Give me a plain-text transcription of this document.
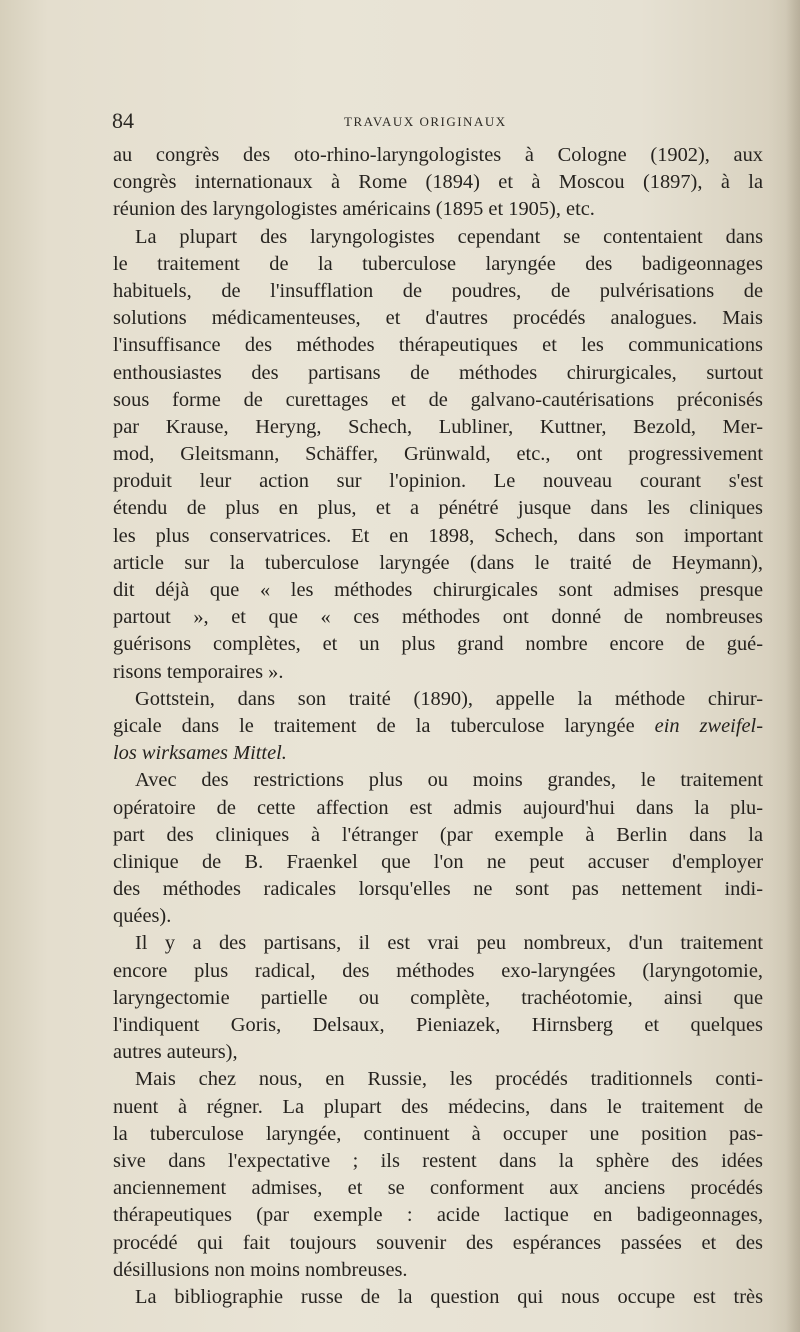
84	TRAVAUX ORIGINAUX
au congrès des oto-rhino-laryngologistes à Cologne (1902), aux
congrès internationaux à Rome (1894) et à Moscou (1897), à la
réunion des laryngologistes américains (1895 et 1905), etc.
La plupart des laryngologistes cependant se contentaient dans
le traitement de la tuberculose laryngée des badigeonnages
habituels, de l'insufflation de poudres, de pulvérisations de
solutions médicamenteuses, et d'autres procédés analogues. Mais
l'insuffisance des méthodes thérapeutiques et les communications
enthousiastes des partisans de méthodes chirurgicales, surtout
sous forme de curettages et de galvano-cautérisations préconisés
par Krause, Heryng, Schech, Lubliner, Kuttner, Bezold, Mer-
mod, Gleitsmann, Schäffer, Grünwald, etc., ont progressivement
produit leur action sur l'opinion. Le nouveau courant s'est
étendu de plus en plus, et a pénétré jusque dans les cliniques
les plus conservatrices. Et en 1898, Schech, dans son important
article sur la tuberculose laryngée (dans le traité de Heymann),
dit déjà que « les méthodes chirurgicales sont admises presque
partout », et que « ces méthodes ont donné de nombreuses
guérisons complètes, et un plus grand nombre encore de gué-
risons temporaires ».
Gottstein, dans son traité (1890), appelle la méthode chirur-
gicale dans le traitement de la tuberculose laryngée ein zweifel-
los wirksames Mittel.
Avec des restrictions plus ou moins grandes, le traitement
opératoire de cette affection est admis aujourd'hui dans la plu-
part des cliniques à l'étranger (par exemple à Berlin dans la
clinique de B. Fraenkel que l'on ne peut accuser d'employer
des méthodes radicales lorsqu'elles ne sont pas nettement indi-
quées).
Il y a des partisans, il est vrai peu nombreux, d'un traitement
encore plus radical, des méthodes exo-laryngées (laryngotomie,
laryngectomie partielle ou complète, trachéotomie, ainsi que
l'indiquent Goris, Delsaux, Pieniazek, Hirnsberg et quelques
autres auteurs),
Mais chez nous, en Russie, les procédés traditionnels conti-
nuent à régner. La plupart des médecins, dans le traitement de
la tuberculose laryngée, continuent à occuper une position pas-
sive dans l'expectative ; ils restent dans la sphère des idées
anciennement admises, et se conforment aux anciens procédés
thérapeutiques (par exemple : acide lactique en badigeonnages,
procédé qui fait toujours souvenir des espérances passées et des
désillusions non moins nombreuses.
La bibliographie russe de la question qui nous occupe est très
